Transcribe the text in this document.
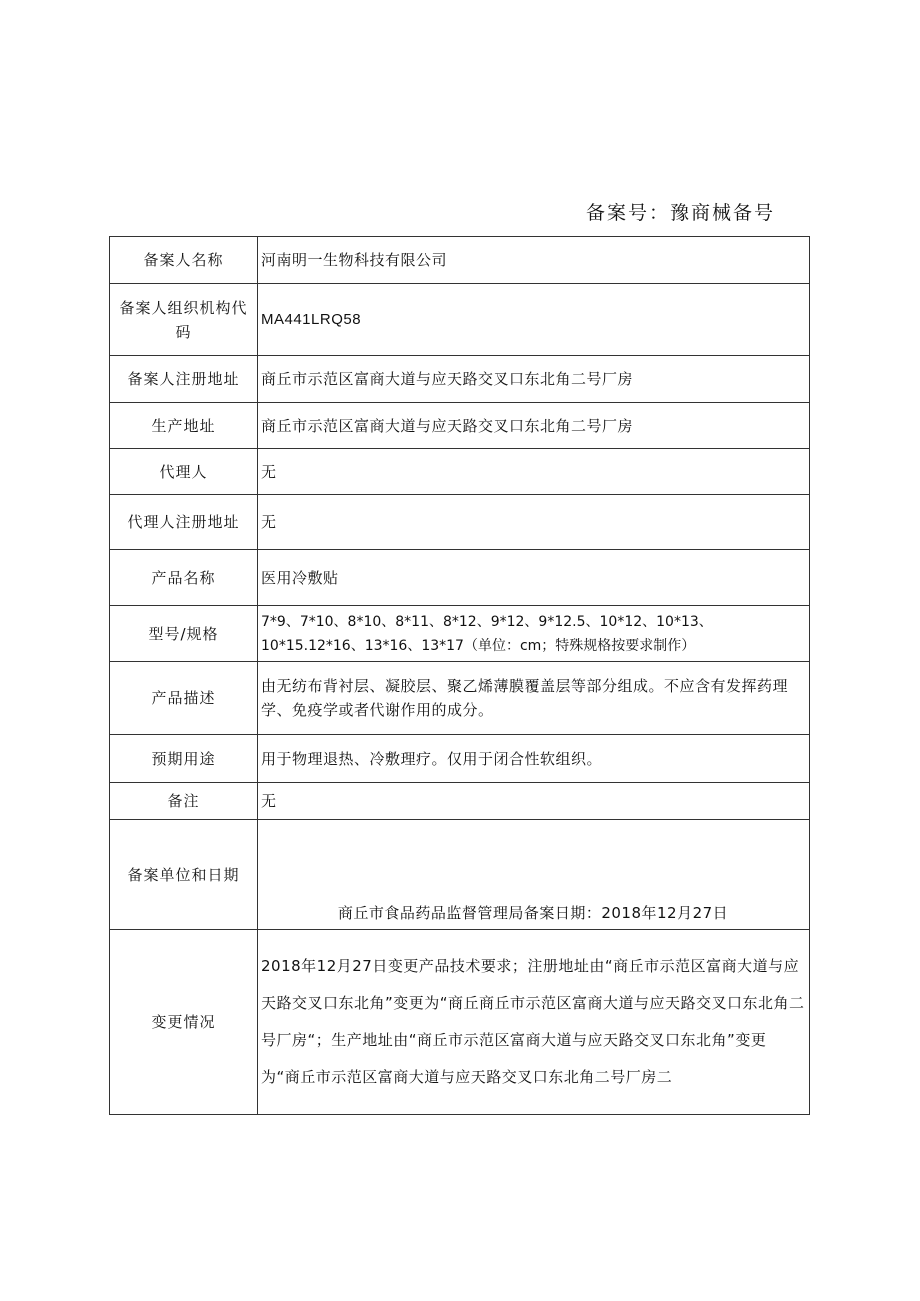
备案号：豫商械备号
备案人名称	河南明一生物科技有限公司
备案人组织机构代码	MA441LRQ58
备案人注册地址	商丘市示范区富商大道与应天路交叉口东北角二号厂房
生产地址	商丘市示范区富商大道与应天路交叉口东北角二号厂房
代理人	无
代理人注册地址	无
产品名称	医用冷敷贴
型号/规格	7*9、7*10、8*10、8*11、8*12、9*12、9*12.5、10*12、10*13、10*15.12*16、13*16、13*17（单位：cm；特殊规格按要求制作）
产品描述	由无纺布背衬层、凝胶层、聚乙烯薄膜覆盖层等部分组成。不应含有发挥药理学、免疫学或者代谢作用的成分。
预期用途	用于物理退热、冷敷理疗。仅用于闭合性软组织。
备注	无
备案单位和日期	商丘市食品药品监督管理局备案日期：2018年12月27日
变更情况	2018年12月27日变更产品技术要求；注册地址由“商丘市示范区富商大道与应天路交叉口东北角”变更为“商丘商丘市示范区富商大道与应天路交叉口东北角二号厂房“；生产地址由“商丘市示范区富商大道与应天路交叉口东北角”变更为“商丘市示范区富商大道与应天路交叉口东北角二号厂房二
